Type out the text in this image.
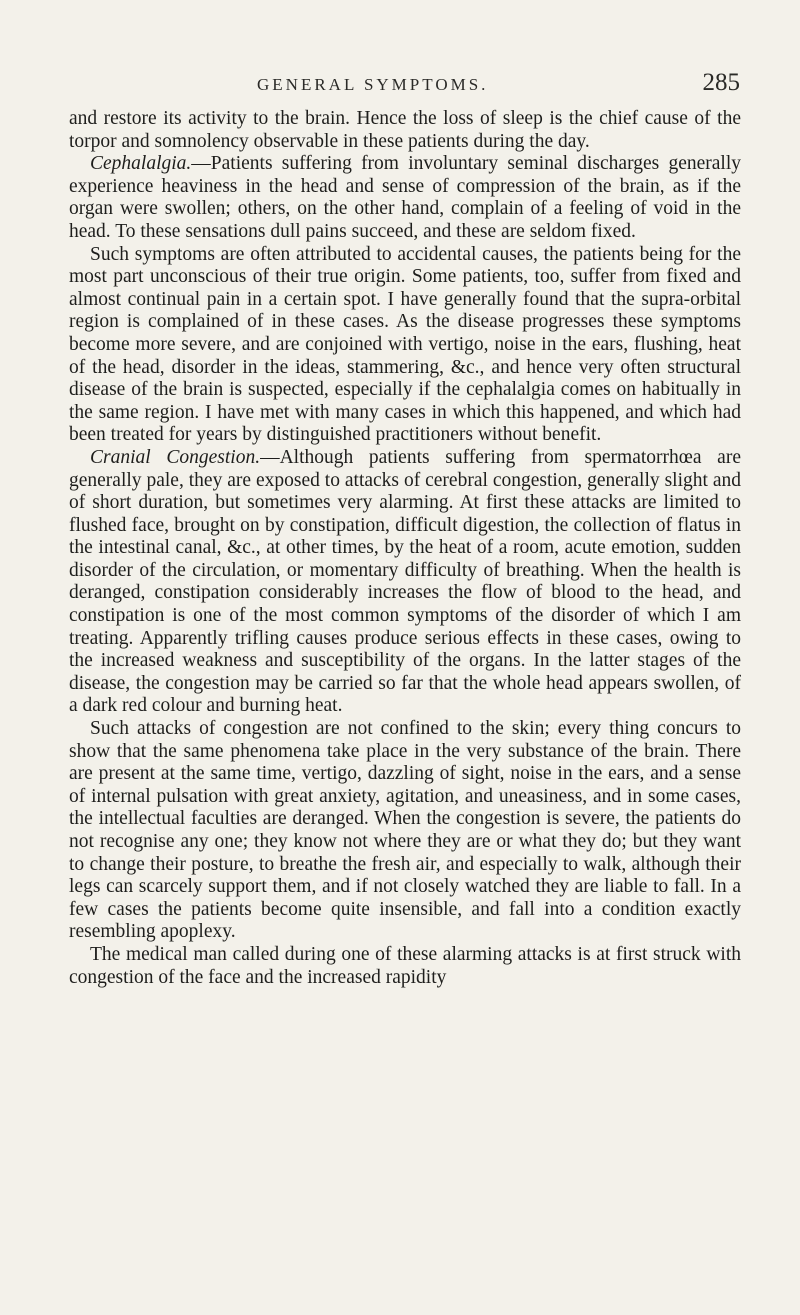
GENERAL SYMPTOMS.	285

and restore its activity to the brain. Hence the loss of sleep is the chief cause of the torpor and somnolency observable in these patients during the day.

Cephalalgia.—Patients suffering from involuntary seminal discharges generally experience heaviness in the head and sense of compression of the brain, as if the organ were swollen; others, on the other hand, complain of a feeling of void in the head. To these sensations dull pains succeed, and these are seldom fixed.

Such symptoms are often attributed to accidental causes, the patients being for the most part unconscious of their true origin. Some patients, too, suffer from fixed and almost continual pain in a certain spot. I have generally found that the supra-orbital region is complained of in these cases. As the disease progresses these symptoms become more severe, and are conjoined with vertigo, noise in the ears, flushing, heat of the head, disorder in the ideas, stammering, &c., and hence very often structural disease of the brain is suspected, especially if the cephalalgia comes on habitually in the same region. I have met with many cases in which this happened, and which had been treated for years by distinguished practitioners without benefit.

Cranial Congestion.—Although patients suffering from spermatorrhœa are generally pale, they are exposed to attacks of cerebral congestion, generally slight and of short duration, but sometimes very alarming. At first these attacks are limited to flushed face, brought on by constipation, difficult digestion, the collection of flatus in the intestinal canal, &c., at other times, by the heat of a room, acute emotion, sudden disorder of the circulation, or momentary difficulty of breathing. When the health is deranged, constipation considerably increases the flow of blood to the head, and constipation is one of the most common symptoms of the disorder of which I am treating. Apparently trifling causes produce serious effects in these cases, owing to the increased weakness and susceptibility of the organs. In the latter stages of the disease, the congestion may be carried so far that the whole head appears swollen, of a dark red colour and burning heat.

Such attacks of congestion are not confined to the skin; every thing concurs to show that the same phenomena take place in the very substance of the brain. There are present at the same time, vertigo, dazzling of sight, noise in the ears, and a sense of internal pulsation with great anxiety, agitation, and uneasiness, and in some cases, the intellectual faculties are deranged. When the congestion is severe, the patients do not recognise any one; they know not where they are or what they do; but they want to change their posture, to breathe the fresh air, and especially to walk, although their legs can scarcely support them, and if not closely watched they are liable to fall. In a few cases the patients become quite insensible, and fall into a condition exactly resembling apoplexy.

The medical man called during one of these alarming attacks is at first struck with congestion of the face and the increased rapidity
